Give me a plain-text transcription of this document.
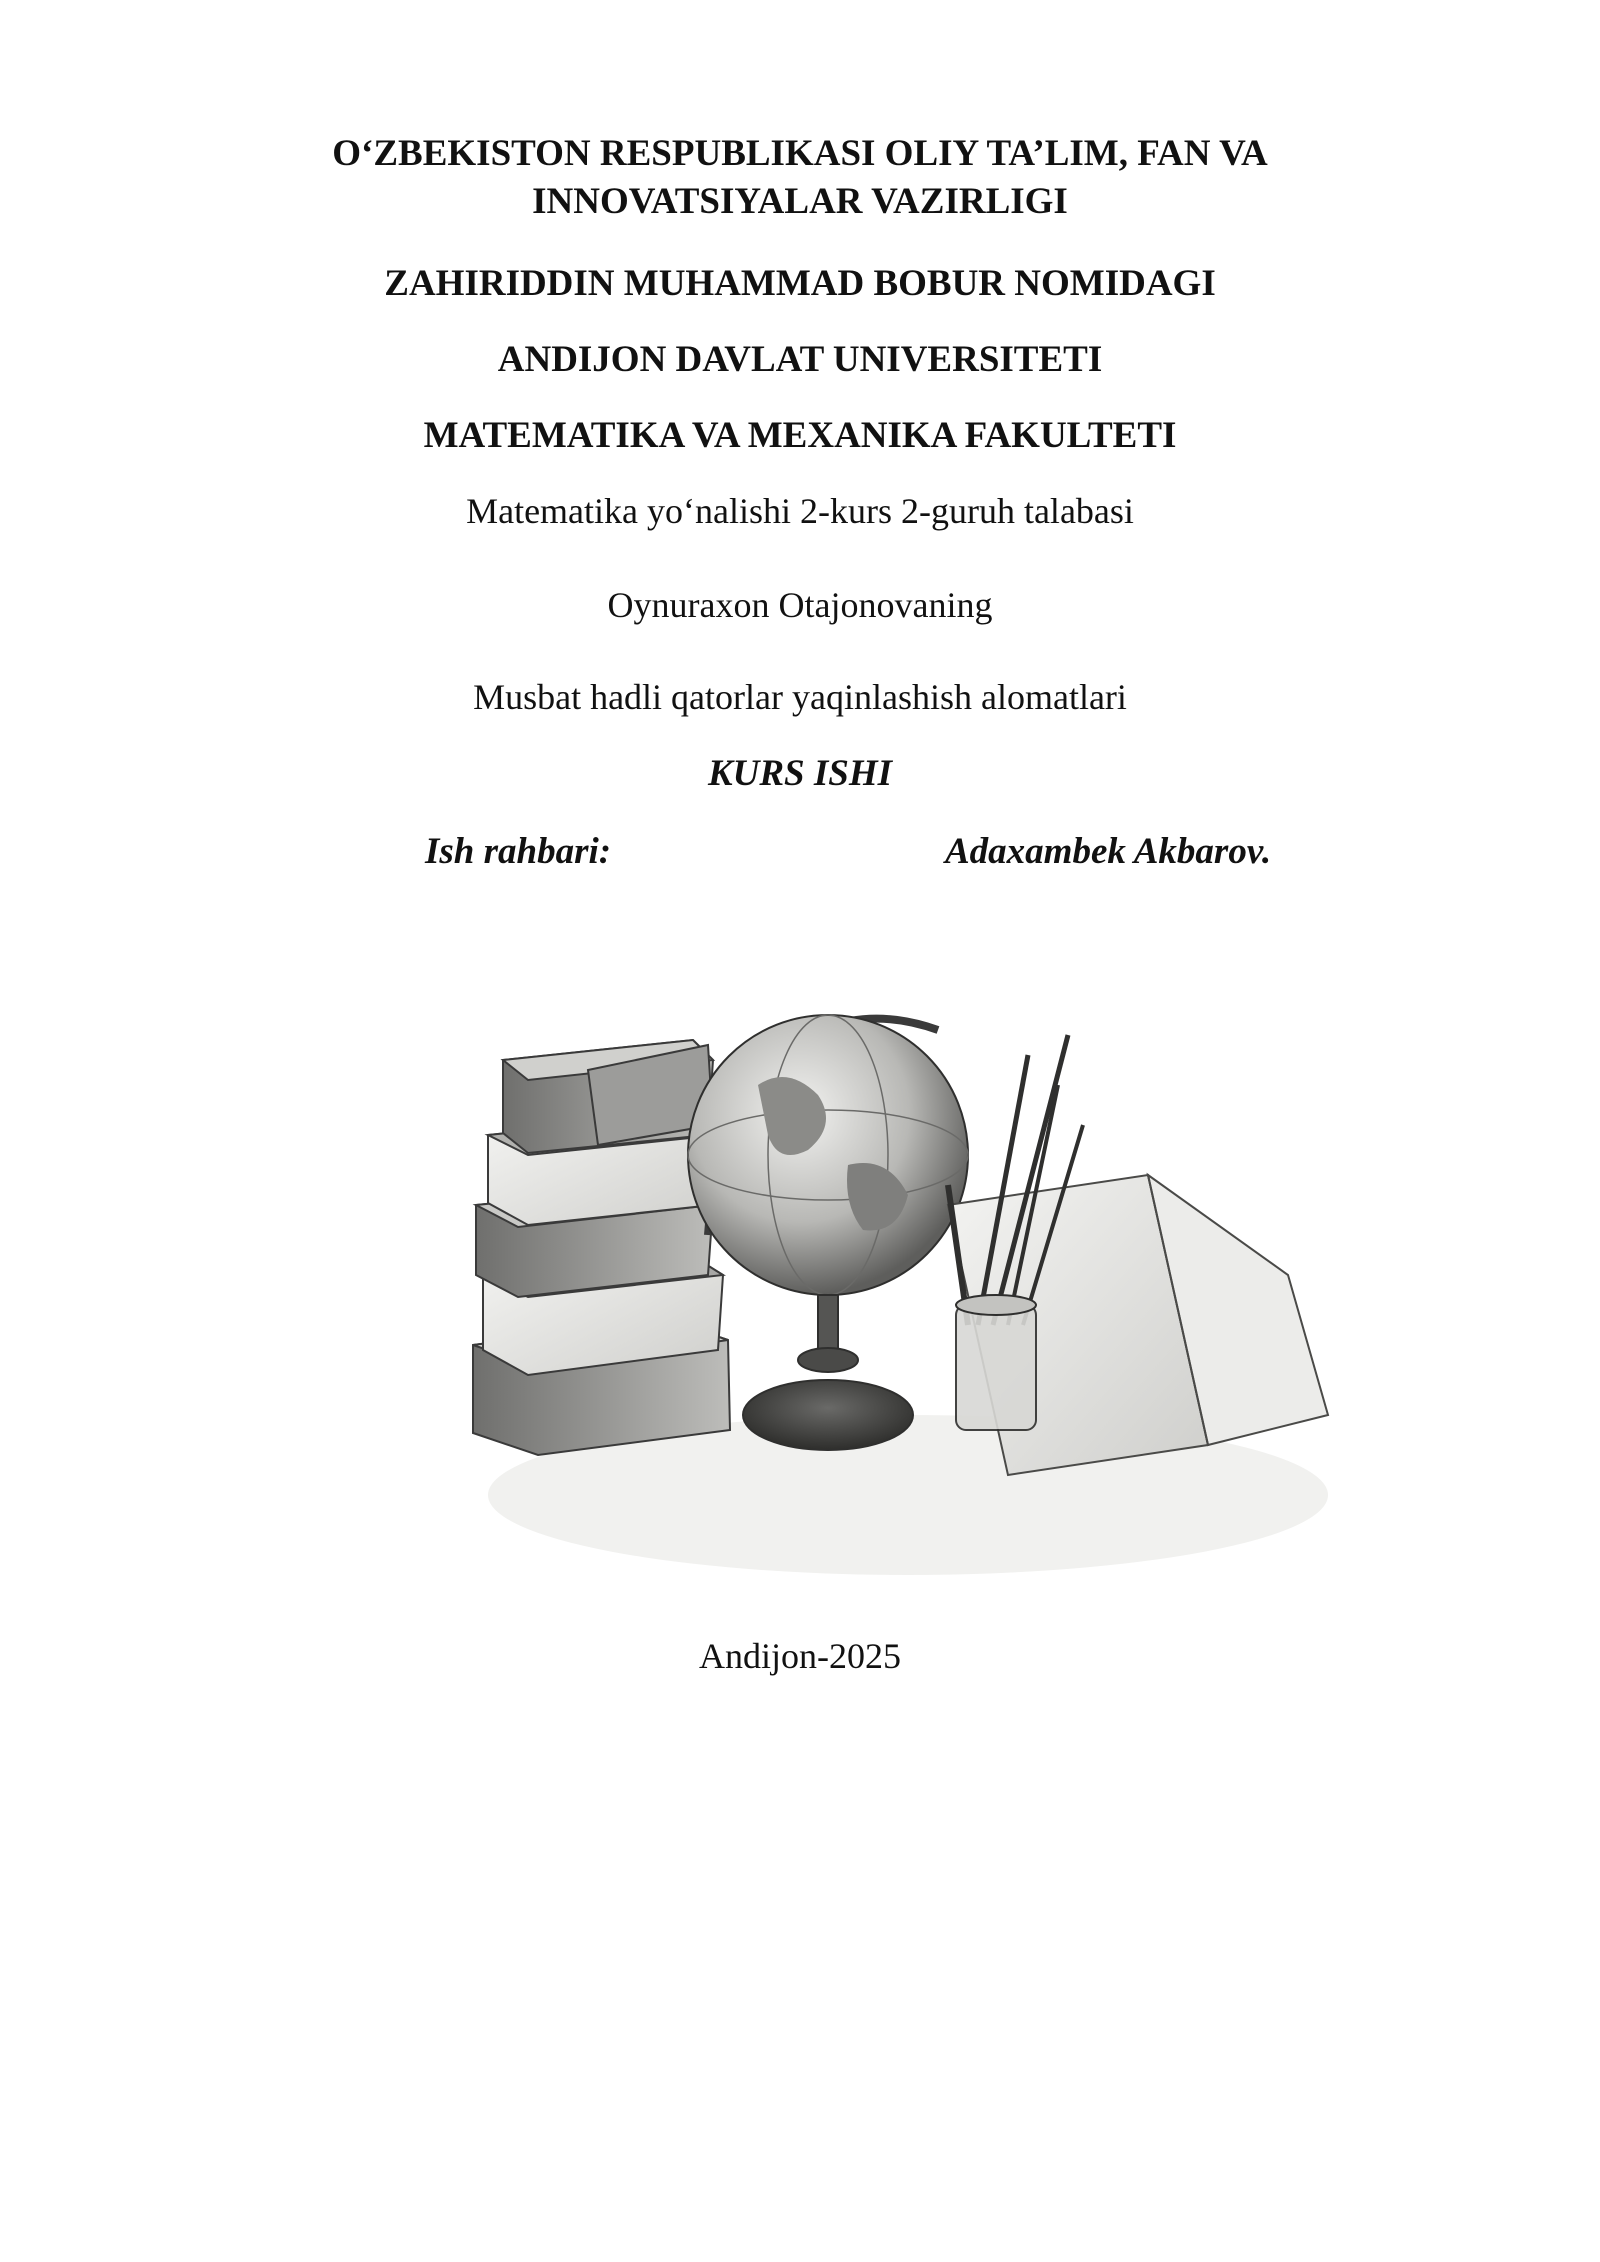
O‘ZBEKISTON RESPUBLIKASI OLIY TA’LIM, FAN VA
INNOVATSIYALAR VAZIRLIGI
ZAHIRIDDIN MUHAMMAD BOBUR NOMIDAGI
ANDIJON DAVLAT UNIVERSITETI
MATEMATIKA VA MEXANIKA FAKULTETI
Matematika yo‘nalishi 2-kurs 2-guruh talabasi
Oynuraxon Otajonovaning
Musbat hadli qatorlar yaqinlashish alomatlari
KURS ISHI
Ish rahbari:	Adaxambek Akbarov.
Andijon-2025
